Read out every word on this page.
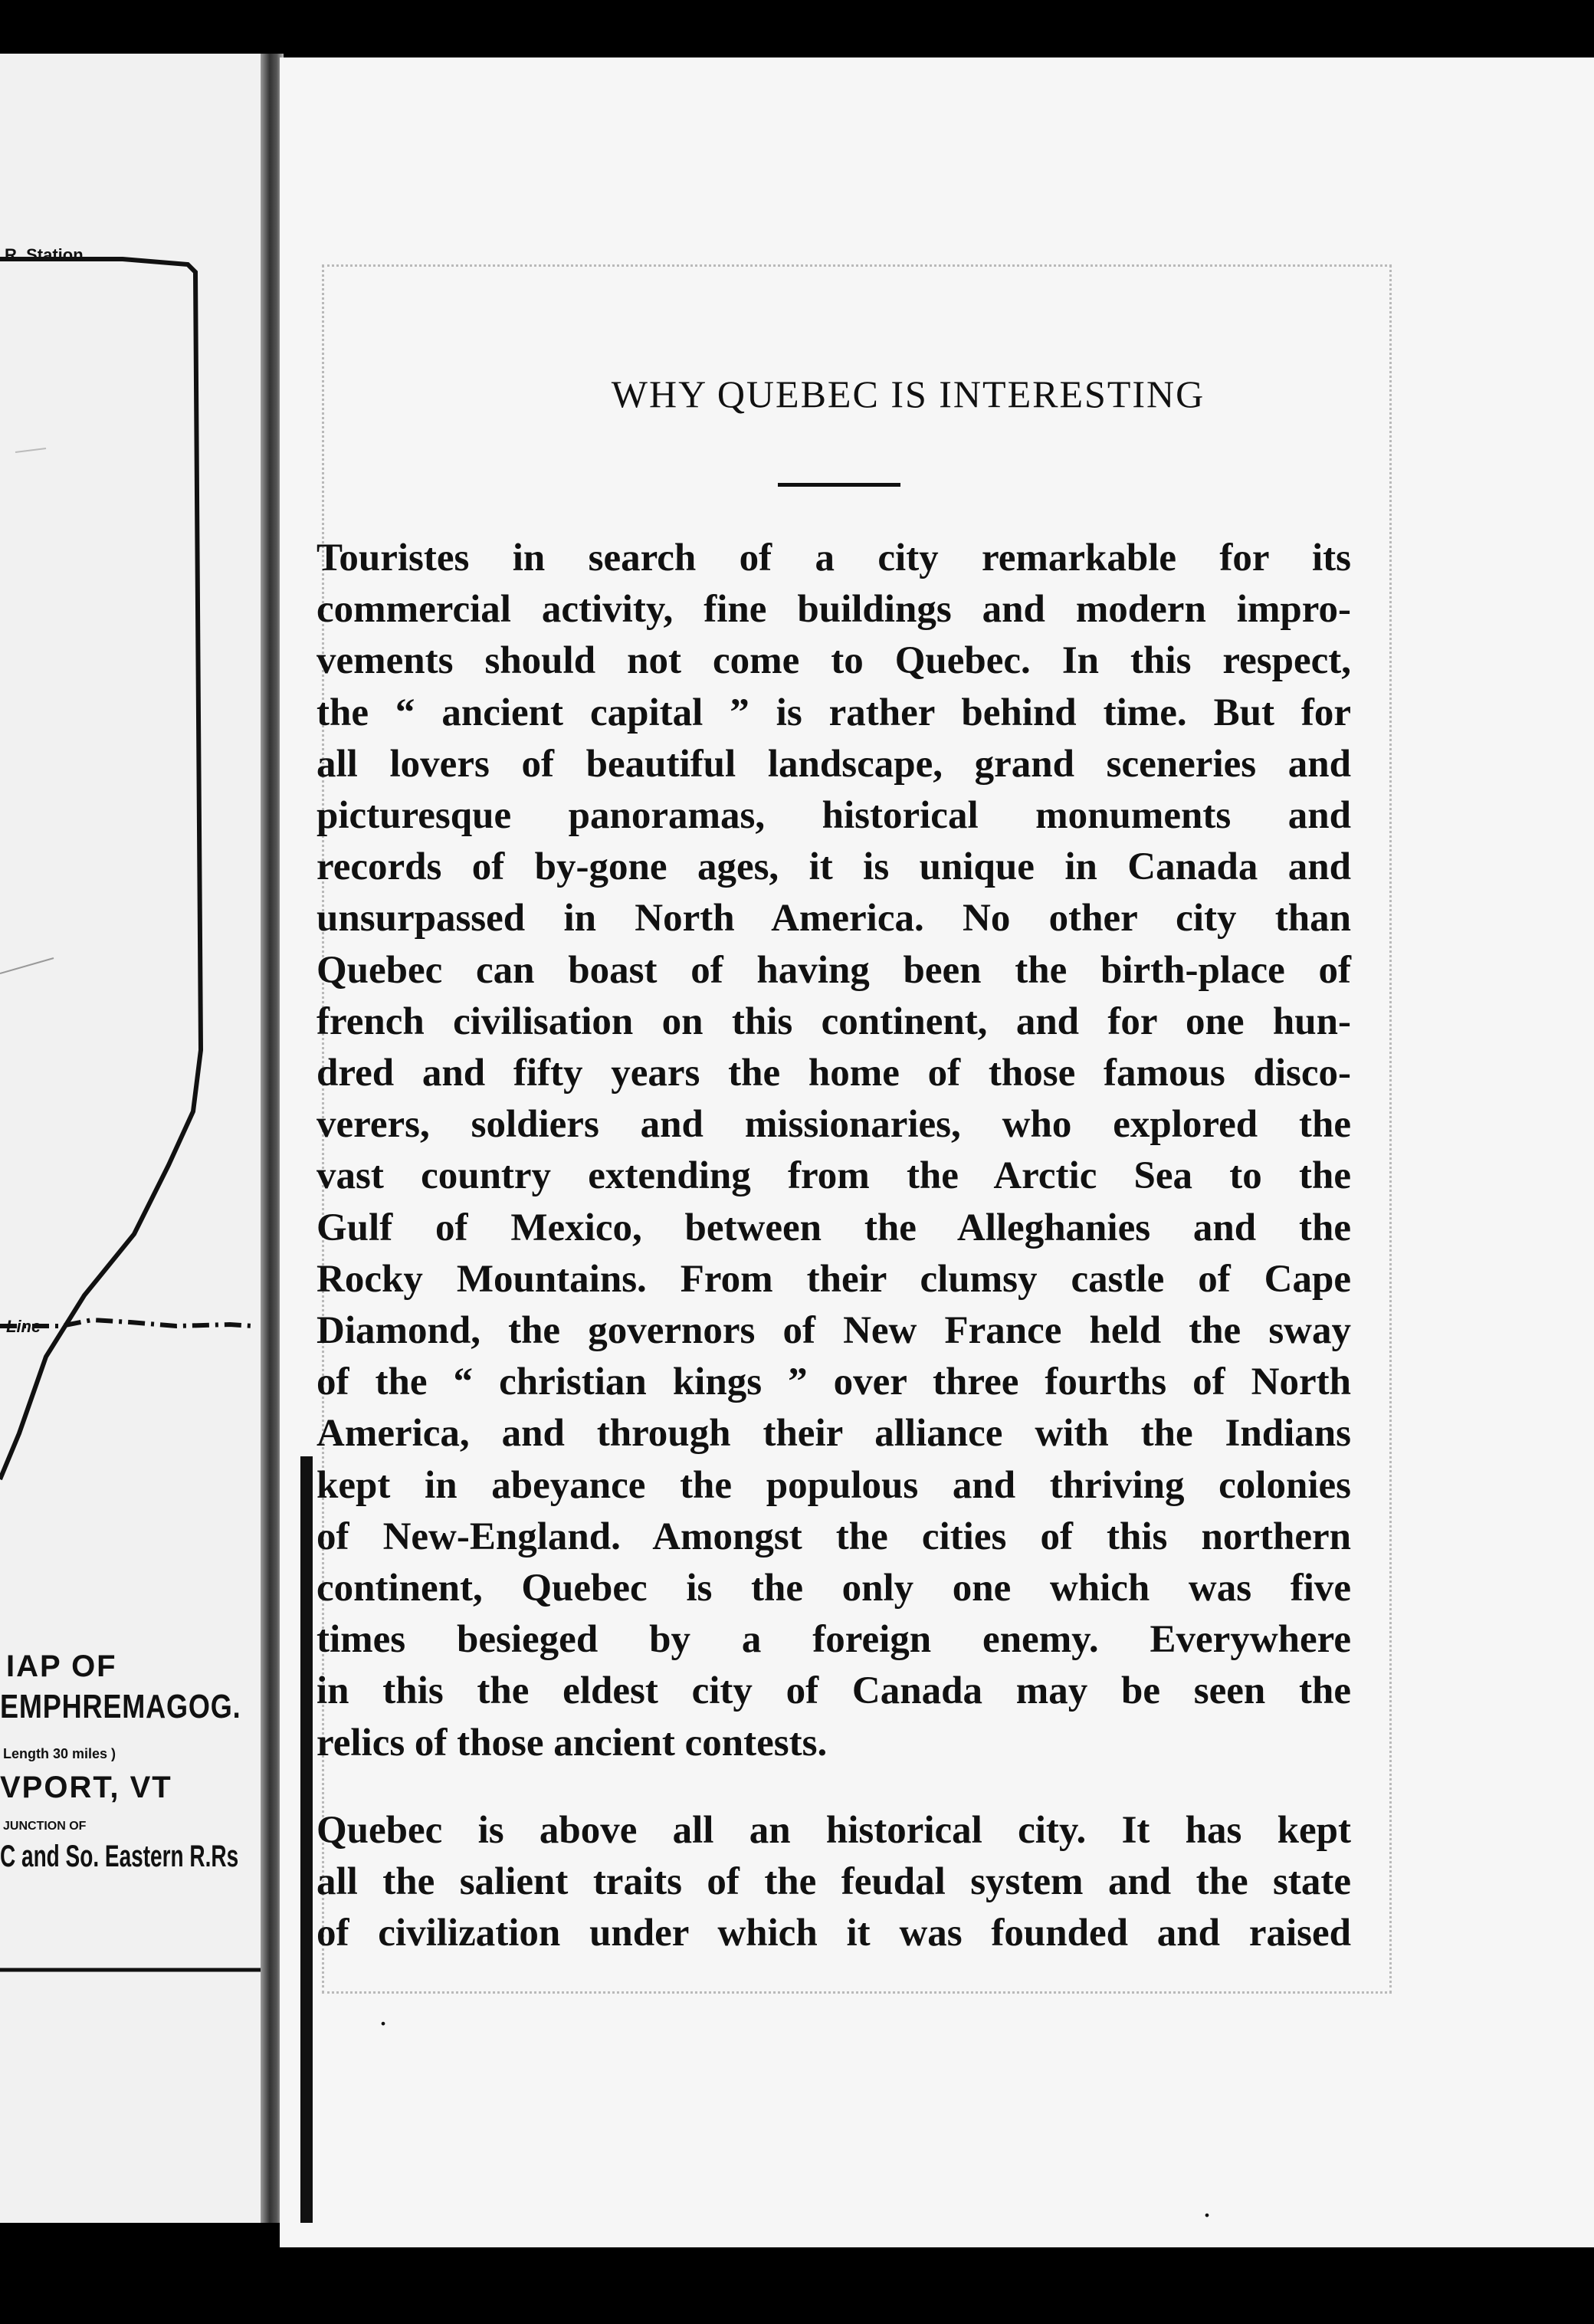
R. Station.
Line
IAP OF
EMPHREMAGOG.
Length 30 miles )
VPORT, VT
JUNCTION OF
C and So. Eastern R.Rs
WHY QUEBEC IS INTERESTING
Touristes in search of a city remarkable for its
commercial activity, fine buildings and modern impro-
vements should not come to Quebec. In this respect,
the “ ancient capital ” is rather behind time. But for
all lovers of beautiful landscape, grand sceneries and
picturesque panoramas, historical monuments and
records of by-gone ages, it is unique in Canada and
unsurpassed in North America. No other city than
Quebec can boast of having been the birth-place of
french civilisation on this continent, and for one hun-
dred and fifty years the home of those famous disco-
verers, soldiers and missionaries, who explored the
vast country extending from the Arctic Sea to the
Gulf of Mexico, between the Alleghanies and the
Rocky Mountains. From their clumsy castle of Cape
Diamond, the governors of New France held the sway
of the “ christian kings ” over three fourths of North
America, and through their alliance with the Indians
kept in abeyance the populous and thriving colonies
of New-England. Amongst the cities of this northern
continent, Quebec is the only one which was five
times besieged by a foreign enemy. Everywhere
in this the eldest city of Canada may be seen the
relics of those ancient contests.
Quebec is above all an historical city. It has kept
all the salient traits of the feudal system and the state
of civilization under which it was founded and raised
.
.
